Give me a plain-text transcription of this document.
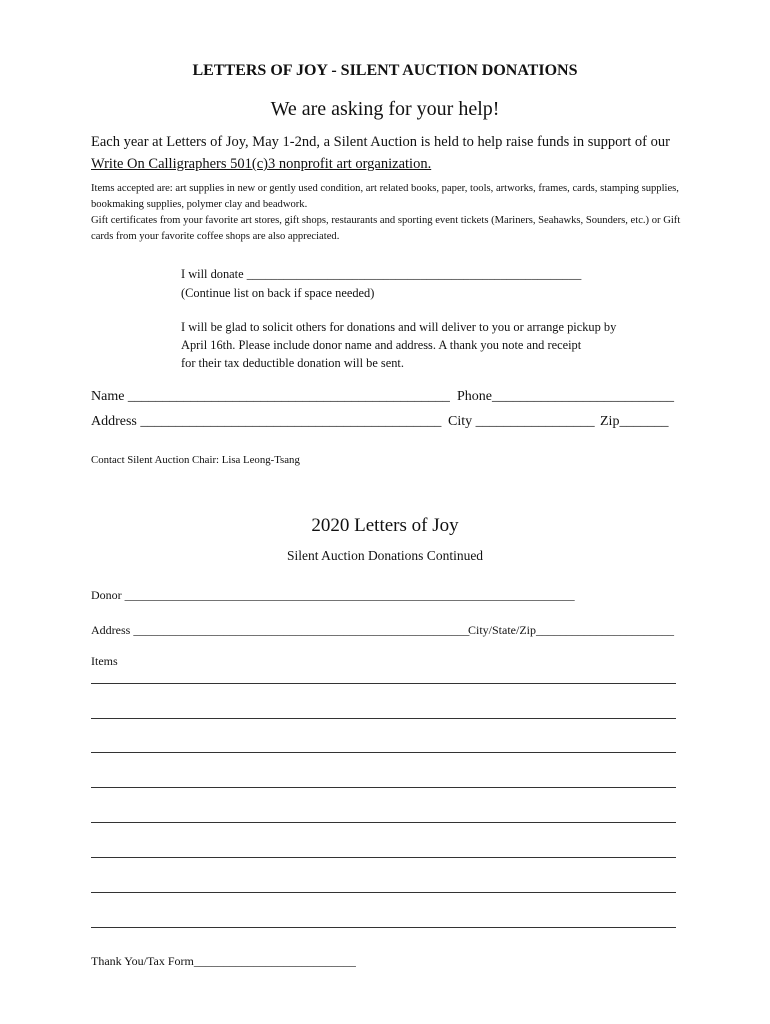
LETTERS OF JOY - SILENT AUCTION DONATIONS
We are asking for your help!
Each year at Letters of Joy, May 1-2nd, a Silent Auction is held to help raise funds in support of our Write On Calligraphers 501(c)3 nonprofit art organization.
Items accepted are: art supplies in new or gently used condition, art related books, paper, tools, artworks, frames, cards, stamping supplies, bookmaking supplies, polymer clay and beadwork.
Gift certificates from your favorite art stores, gift shops, restaurants and sporting event tickets (Mariners, Seahawks, Sounders, etc.) or Gift cards from your favorite coffee shops are also appreciated.
I will donate ______________________________________________________
(Continue list on back if space needed)
I will be glad to solicit others for donations and will deliver to you or arrange pickup by
April 16th. Please include donor name and address. A thank you note and receipt
for their tax deductible donation will be sent.
Name ______________________________________________ Phone__________________________
Address ___________________________________________ City _________________ Zip_______
Contact Silent Auction Chair: Lisa Leong-Tsang
2020 Letters of Joy
Silent Auction Donations Continued
Donor ___________________________________________________________________________
Address ________________________________________________________
City/State/Zip_______________________
Items
Thank You/Tax Form___________________________
